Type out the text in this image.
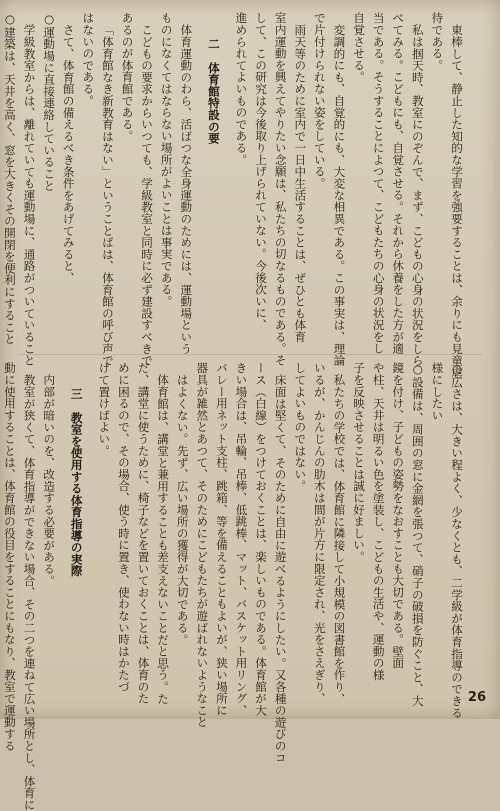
東棒して、静止した知的な学習を強要することは、余りにも見童虐
待である。
私は掴天時、教室にのぞんで、まず、こどもの心身の状況をしら
べてみる。こどもにも、自覚させる。それから休養をした方が適
当である。そうすることによつて、こどもたちの心身の状況をし
自覚させる。
変調的にも、自覚的にも、大変な相異である。この事実は、理論
で片付けられない姿をしている。
雨天等のために室内で一日中生活することは、ぜひとも体育
室内運動を興えてやりたい念願は、私たちの切なるものである。そ
して、この研究は今後取り上げられていない。今後次いに、
進められてよいものである。
二　体育館特設の要
体育運動のわら、活ばつな全身運動のためには、運動場という
ものになくてはならない場所がよいことは事実である。
こどもの要求からいつても、学級教室と同時に必ず建設すべきで
あるのが体育館である。
「体育館なき新教育はない」ということばは、体育館の呼び声で
はないのである。
さて、体育館の備えるべき条件をあげてみると、
○運動場に直接連絡していること
学級教室からは、離れていても運動場に、通路がついていること
○建築は、天井を高く、窓を大きくその開閉を便利にすること
○広さは、大きい程よく、少なくとも、二学級が体育指導のできる
様にしたい
○設備は、周囲の窓に金網を張つて、硝子の破損を防ぐこと、大
鏡を付け、子どもの姿勢をなおすことも大切である。壁面
や柱、天井は明るい色を塗装し、こどもの生活や、運動の様
子を反映させることは誠に好ましい。
私たちの学校では、体育館に隣接して小規模の図書館を作り、
いるが、かんじんの肋木は間が片方に限定され、光をさえぎり、
してよいものではない。
床面は堅くて、そのために自由に遊べるようにしたい。又各種の遊びのコ
ース（白線）をつけておくことは、楽しいものである。体育館が大
きい場合は、吊輪、吊棒、低跳棒、マット、バスケット用リング、
バレー用ネット支柱、跳箱、等を備えることもよいが、狭い場所に
器具が雑然とあつて、そのためにこどもたちが遊ばれないようなこと
はよくない。先ず、広い場所の獲得が大切である。
体育館は、講堂と兼用することも差支えないことだと思う。た
だ、講堂に使うために、椅子などを置いておくことは、体育のた
めに困るので、その場合、使う時に置き、使わない時はかたづ
けて置けばよい。
三　教室を使用する体育指導の実際
内部が暗いのを、改造する必要がある。
教室が狭くて、体育指導ができない場合、その二つを連ねて広い場所とし、体育に
動に使用することは、体育館の役目をすることにもなり、教室で運動する	26
